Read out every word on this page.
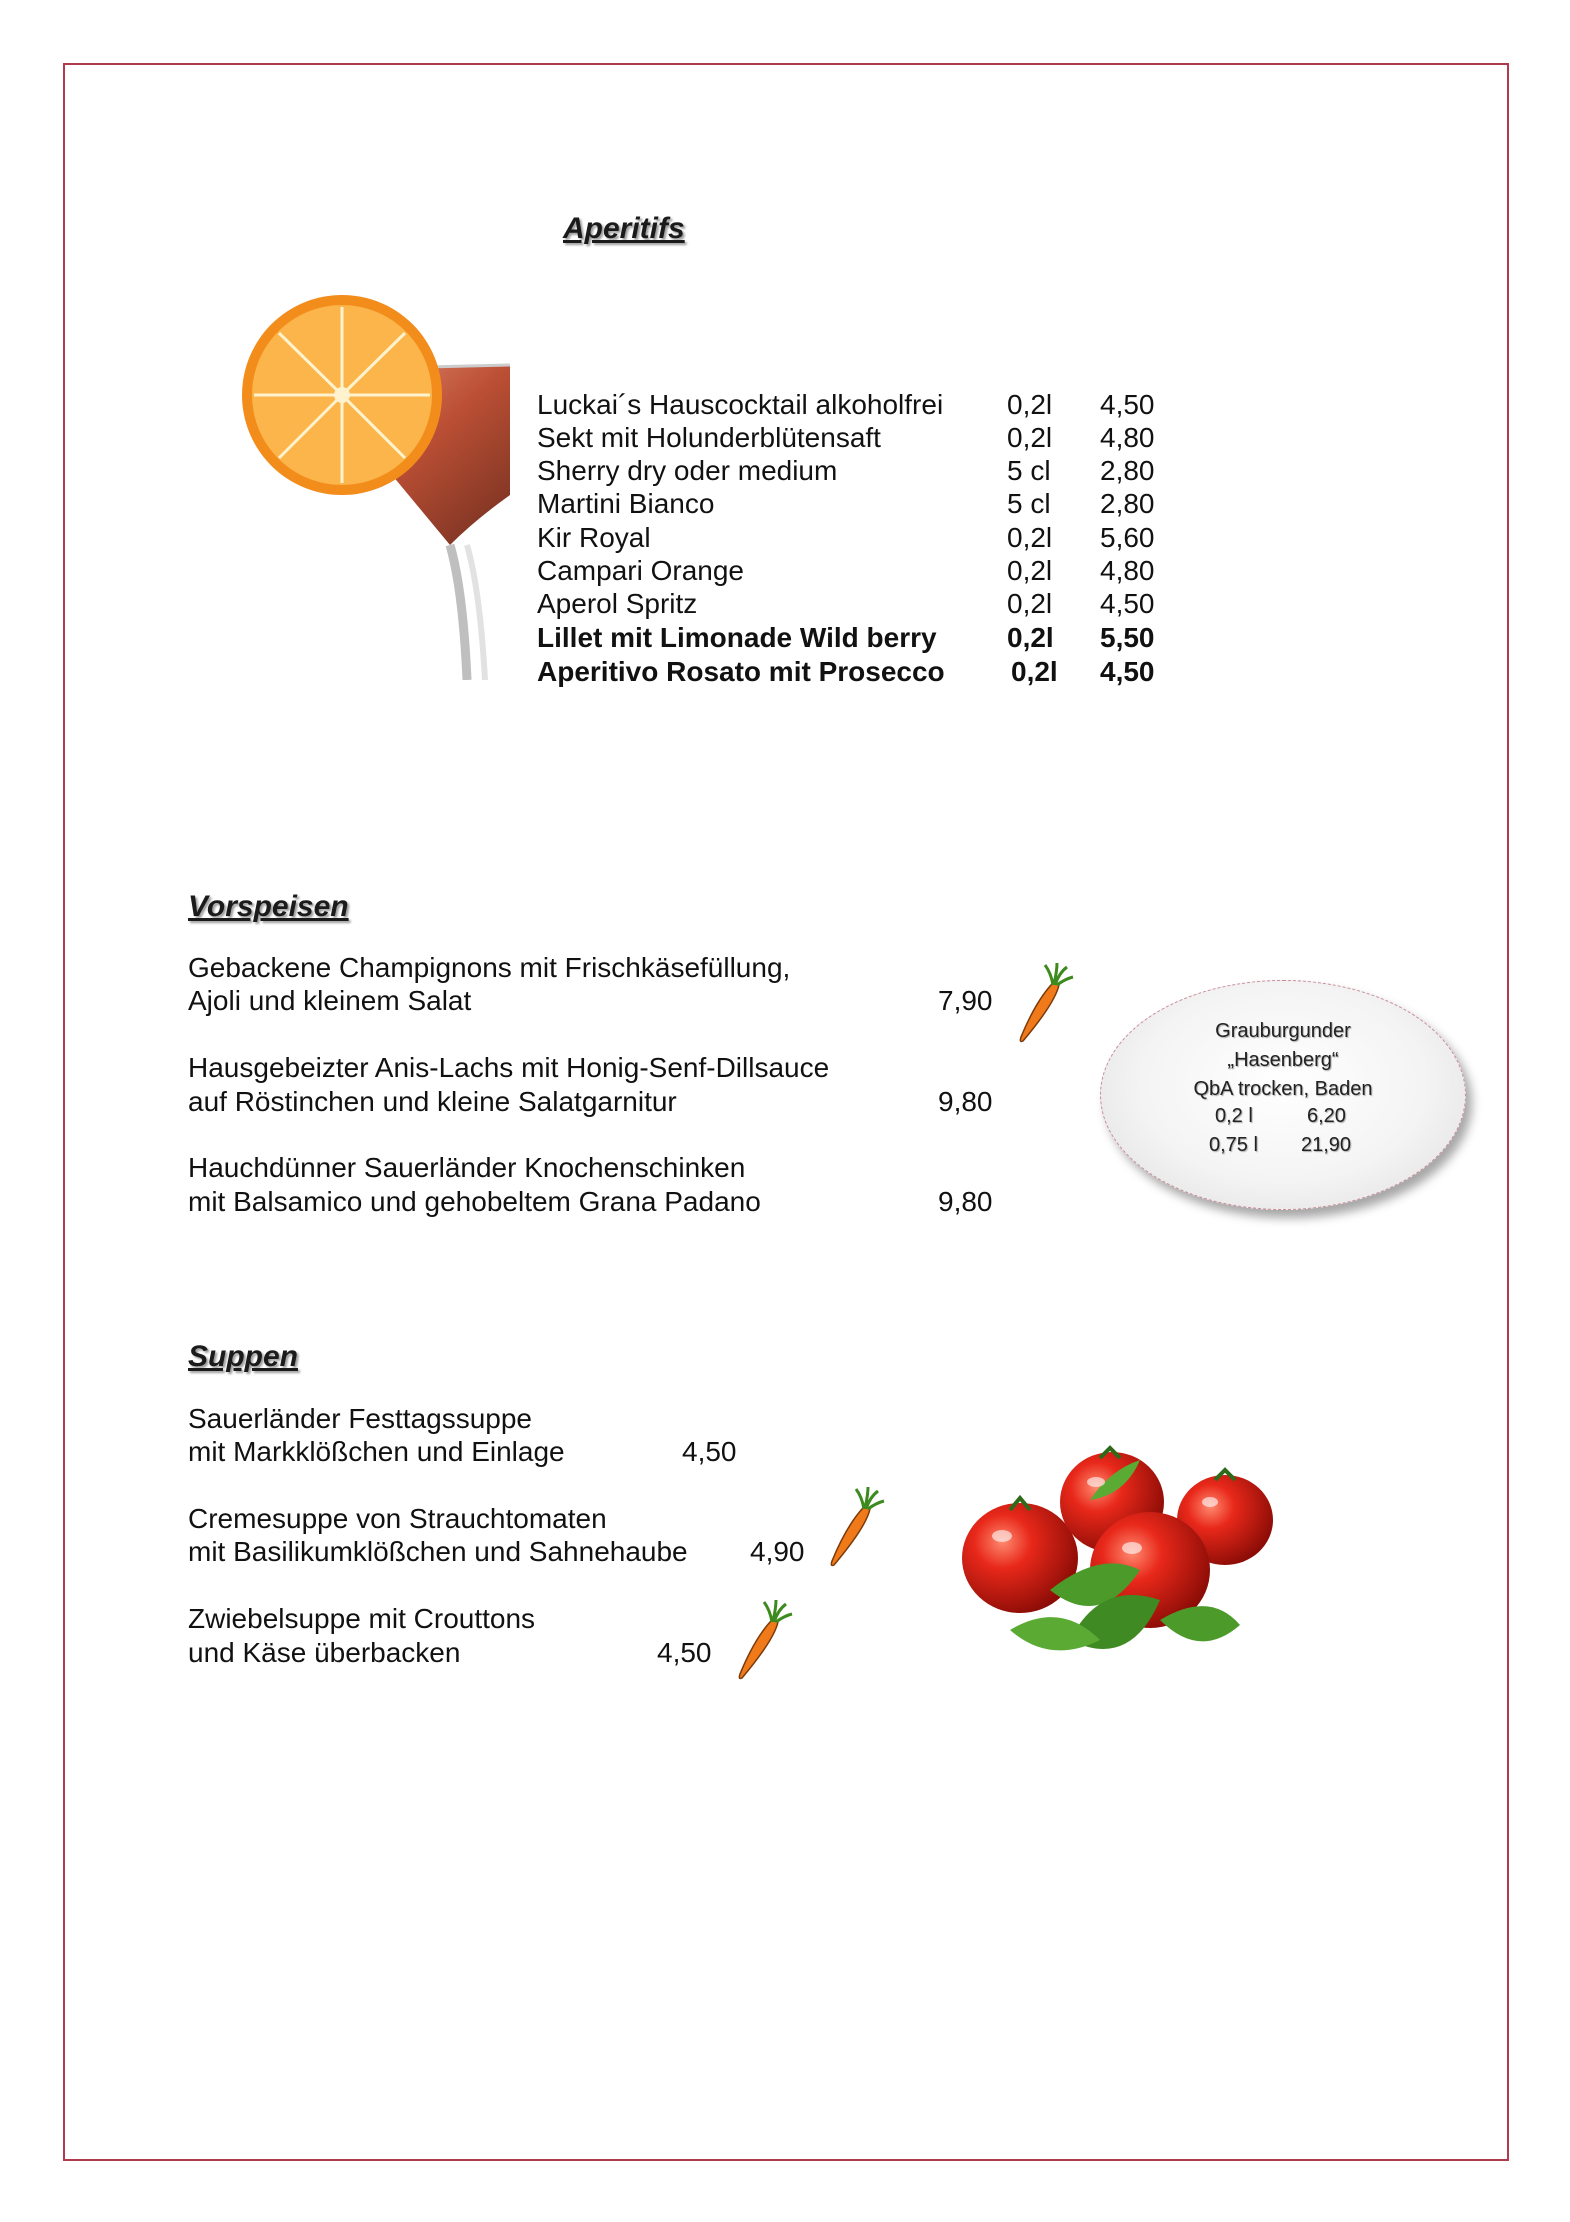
Aperitifs
Luckai´s Hauscocktail alkoholfrei 0,2l 4,50
Sekt mit Holunderblütensaft	0,2l 4,80
Sherry dry oder medium	5 cl 2,80
Martini Bianco	5 cl 2,80
Kir Royal	0,2l 5,60
Campari Orange	0,2l 4,80
Aperol Spritz	0,2l 4,50
Lillet mit Limonade Wild berry	0,2l 5,50
Aperitivo Rosato mit Prosecco 0,2l 4,50
Vorspeisen
Gebackene Champignons mit Frischkäsefüllung,
Ajoli und kleinem Salat	7,90
Hausgebeizter Anis-Lachs mit Honig-Senf-Dillsauce
auf Röstinchen und kleine Salatgarnitur	9,80
Hauchdünner Sauerländer Knochenschinken
mit Balsamico und gehobeltem Grana Padano	9,80
Grauburgunder
„Hasenberg“
QbA trocken, Baden
0,2 l	6,20
0,75 l 21,90
Suppen
Sauerländer Festtagssuppe
mit Markklößchen und Einlage	4,50
Cremesuppe von Strauchtomaten
mit Basilikumklößchen und Sahnehaube 4,90
Zwiebelsuppe mit Crouttons
und Käse überbacken	4,50
